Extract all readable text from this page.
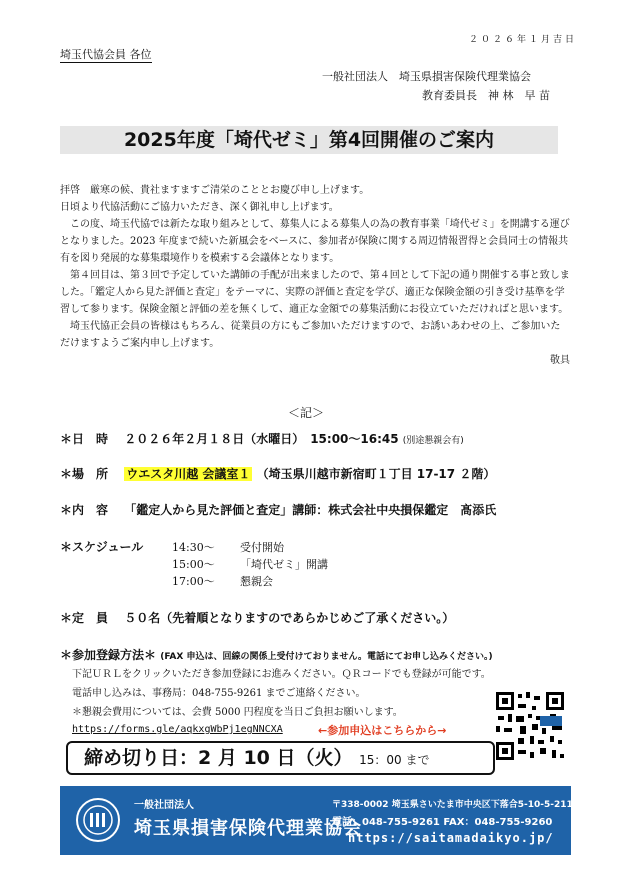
２０２６年１月吉日
埼玉代協会員 各位
一般社団法人　埼玉県損害保険代理業協会
教育委員長　神 林　早 苗
2025年度「埼代ゼミ」第4回開催のご案内

拝啓　厳寒の候、貴社ますますご清栄のこととお慶び申し上げます。

日頃より代協活動にご協力いただき、深く御礼申し上げます。

　この度、埼玉代協では新たな取り組みとして、募集人による募集人の為の教育事業「埼代ゼミ」を開講する運びとなりました。2023 年度まで続いた新風会をベースに、参加者が保険に関する周辺情報習得と会員同士の情報共有を図り発展的な募集環境作りを模索する会議体となります。

　第４回目は、第３回で予定していた講師の手配が出来ましたので、第４回として下記の通り開催する事と致しました。「鑑定人から見た評価と査定」をテーマに、実際の評価と査定を学び、適正な保険金額の引き受け基準を学習して参ります。保険金額と評価の差を無くして、適正な金額での募集活動にお役立ていただければと思います。

　埼玉代協正会員の皆様はもちろん、従業員の方にもご参加いただけますので、お誘いあわせの上、ご参加いただけますようご案内申し上げます。

敬具

＜記＞
＊日　時　 ２０２６年２月１８日（水曜日）　15:00～16:45 (別途懇親会有)
＊場　所　 ウエスタ川越 会議室１ （埼玉県川越市新宿町１丁目 17-17 ２階）
＊内　容　 「鑑定人から見た評価と査定」講師：株式会社中央損保鑑定　髙添氏
＊スケジュール	14:30～ 受付開始
15:00～ 「埼代ゼミ」開講
17:00～ 懇親会
＊定　員　 ５０名（先着順となりますのであらかじめご了承ください。）
＊参加登録方法＊ (FAX 申込は、回線の関係上受付けておりません。電話にてお申し込みください。)
下記ＵＲＬをクリックいただき参加登録にお進みください。ＱＲコードでも登録が可能です。
電話申し込みは、事務局：048-755-9261 までご連絡ください。
＊懇親会費用については、会費 5000 円程度を当日ご負担お願いします。
https://forms.gle/aqkxgWbPj1egNNCXA	←参加申込はこちらから→
締め切り日：2 月 10 日（火） 15：00 まで
一般社団法人
埼玉県損害保険代理業協会
〒338-0002 埼玉県さいたま市中央区下落合5-10-5-211
電話：048-755-9261 FAX：048-755-9260
https://saitamadaikyo.jp/
